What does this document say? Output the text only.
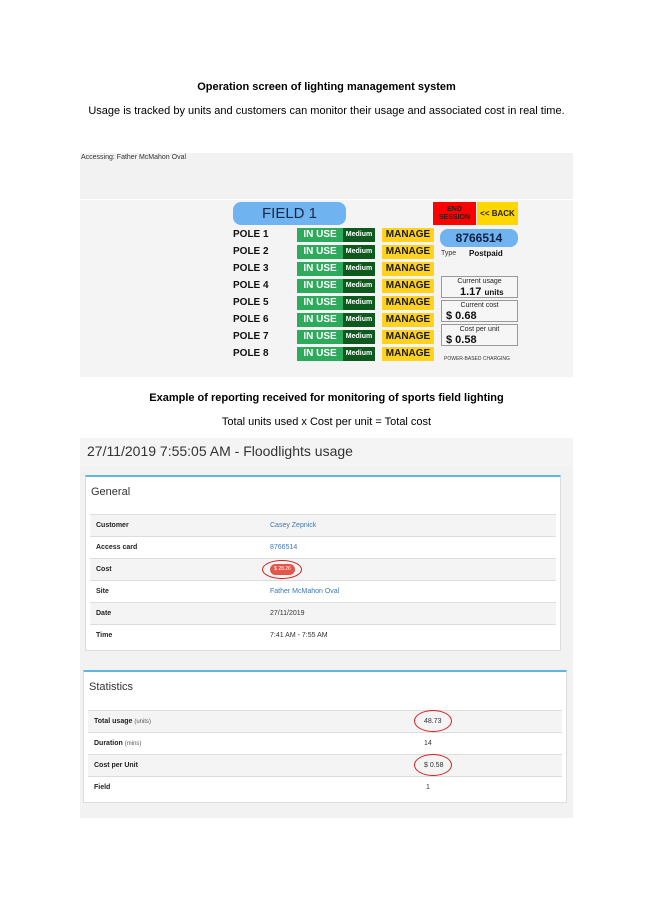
Operation screen of lighting management system
Usage is tracked by units and customers can monitor their usage and associated cost in real time.
Accessing: Father McMahon Oval
FIELD 1	END
SESSION	<< BACK
POLE 1	IN USE	Medium	MANAGE
POLE 2	IN USE	Medium	MANAGE
POLE 3	IN USE	Medium	MANAGE
POLE 4	IN USE	Medium	MANAGE
POLE 5	IN USE	Medium	MANAGE
POLE 6	IN USE	Medium	MANAGE
POLE 7	IN USE	Medium	MANAGE
POLE 8	IN USE	Medium	MANAGE
8766514
Type Postpaid
Current usage
1.17 units
Current cost
$ 0.68
Cost per unit
$ 0.58
POWER-BASED CHARGING
Example of reporting received for monitoring of sports field lighting
Total units used x Cost per unit = Total cost
27/11/2019 7:55:05 AM - Floodlights usage
General
Customer	Casey Zepnick
Access card	8766514
Cost	$ 28.26
Site	Father McMahon Oval
Date	27/11/2019
Time	7:41 AM - 7:55 AM
Statistics
Total usage (units)	48.73
Duration (mins)	14
Cost per Unit	$ 0.58
Field	1
